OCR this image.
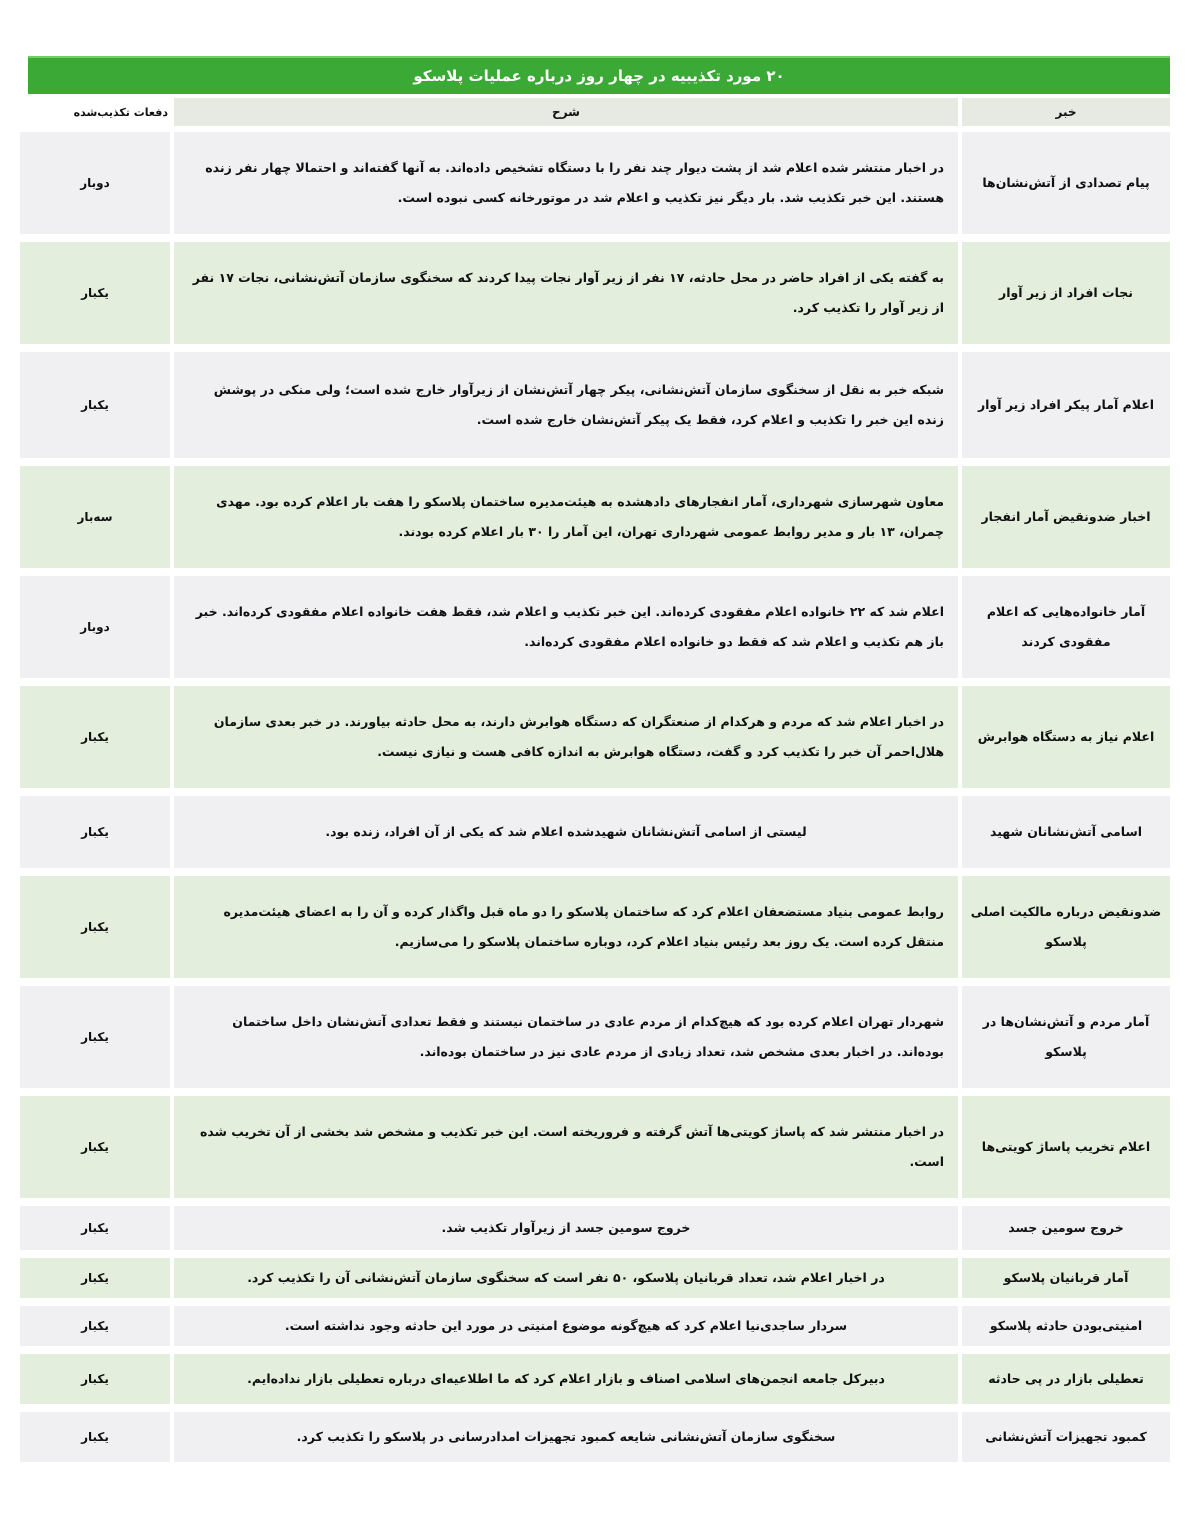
۲۰ مورد تکذیبیه در چهار روز درباره عملیات پلاسکو
خبر
شرح
دفعات تکذیب‌شده
پیام تصدادی از آتش‌نشان‌ها
در اخبار منتشر شده اعلام شد از پشت دیوار چند نفر را با دستگاه تشخیص داده‌اند. به آنها گفته‌اند و احتمالا چهار نفر زنده هستند. این خبر تکذیب شد. بار دیگر نیز تکذیب و اعلام شد در موتورخانه کسی نبوده است.
دوبار
نجات افراد از زیر آوار
به گفته یکی از افراد حاضر در محل حادثه، ۱۷ نفر از زیر آوار نجات پیدا کردند که سخنگوی سازمان آتش‌نشانی، نجات ۱۷ نفر از زیر آوار را تکذیب کرد.
یکبار
اعلام آمار پیکر افراد زیر آوار
شبکه خبر به نقل از سخنگوی سازمان آتش‌نشانی، پیکر چهار آتش‌نشان از زیرآوار خارج شده است؛ ولی منکی در پوشش زنده این خبر را تکذیب و اعلام کرد، فقط یک پیکر آتش‌نشان خارج شده است.
یکبار
اخبار ضدونقیض آمار انفجار
معاون شهرسازی شهرداری، آمار انفجارهای دادهشده به هیئت‌مدیره ساختمان پلاسکو را هفت بار اعلام کرده بود. مهدی چمران، ۱۳ بار و مدیر روابط عمومی شهرداری تهران، این آمار را ۳۰ بار اعلام کرده بودند.
سه‌بار
آمار خانواده‌هایی که اعلام مفقودی کردند
اعلام شد که ۲۲ خانواده اعلام مفقودی کرده‌اند. این خبر تکذیب و اعلام شد، فقط هفت خانواده اعلام مفقودی کرده‌اند. خبر باز هم تکذیب و اعلام شد که فقط دو خانواده اعلام مفقودی کرده‌اند.
دوبار
اعلام نیاز به دستگاه هوابرش
در اخبار اعلام شد که مردم و هرکدام از صنعتگران که دستگاه هوابرش دارند، به محل حادثه بیاورند. در خبر بعدی سازمان هلال‌احمر آن خبر را تکذیب کرد و گفت، دستگاه هوابرش به اندازه کافی هست و نیازی نیست.
یکبار
اسامی آتش‌نشانان شهید
لیستی از اسامی آتش‌نشانان شهیدشده اعلام شد که یکی از آن افراد، زنده بود.
یکبار
ضدونقیض درباره مالکیت اصلی پلاسکو
روابط عمومی بنیاد مستضعفان اعلام کرد که ساختمان پلاسکو را دو ماه قبل واگذار کرده و آن را به اعضای هیئت‌مدیره منتقل کرده است. یک روز بعد رئیس بنیاد اعلام کرد، دوباره ساختمان پلاسکو را می‌سازیم.
یکبار
آمار مردم و آتش‌نشان‌ها در پلاسکو
شهردار تهران اعلام کرده بود که هیچ‌کدام از مردم عادی در ساختمان نیستند و فقط تعدادی آتش‌نشان داخل ساختمان بوده‌اند. در اخبار بعدی مشخص شد، تعداد زیادی از مردم عادی نیز در ساختمان بوده‌اند.
یکبار
اعلام تخریب پاساژ کویتی‌ها
در اخبار منتشر شد که پاساژ کویتی‌ها آتش گرفته و فروریخته است. این خبر تکذیب و مشخص شد بخشی از آن تخریب شده است.
یکبار
خروج سومین جسد
خروج سومین جسد از زیرآوار تکذیب شد.
یکبار
آمار قربانیان پلاسکو
در اخبار اعلام شد، تعداد قربانیان پلاسکو، ۵۰ نفر است که سخنگوی سازمان آتش‌نشانی آن را تکذیب کرد.
یکبار
امنیتی‌بودن حادثه پلاسکو
سردار ساجدی‌نیا اعلام کرد که هیچ‌گونه موضوع امنیتی در مورد این حادثه وجود نداشته است.
یکبار
تعطیلی بازار در پی حادثه
دبیرکل جامعه انجمن‌های اسلامی اصناف و بازار اعلام کرد که ما اطلاعیه‌ای درباره تعطیلی بازار نداده‌ایم.
یکبار
کمبود تجهیزات آتش‌نشانی
سخنگوی سازمان آتش‌نشانی شایعه کمبود تجهیزات امدادرسانی در پلاسکو را تکذیب کرد.
یکبار
